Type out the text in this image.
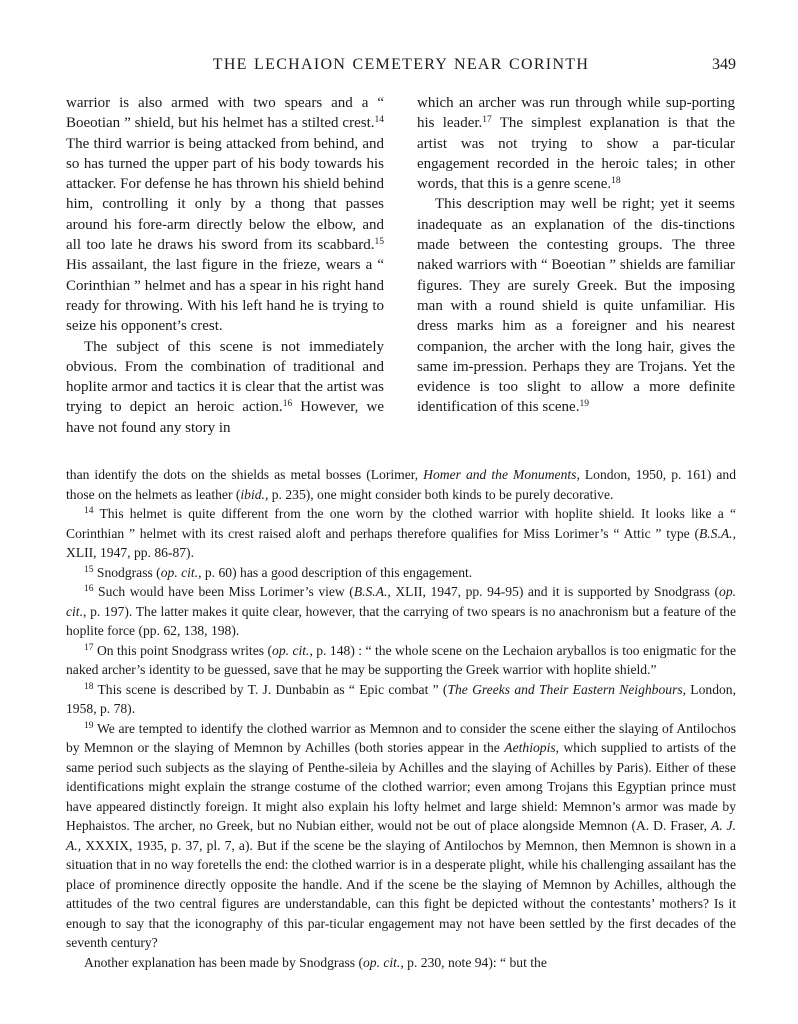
THE LECHAION CEMETERY NEAR CORINTH	349

warrior is also armed with two spears and a “ Boeotian ” shield, but his helmet has a stilted crest.$^{14}$ The third warrior is being attacked from behind, and so has turned the upper part of his body towards his attacker. For defense he has thrown his shield behind him, controlling it only by a thong that passes around his fore-arm directly below the elbow, and all too late he draws his sword from its scabbard.$^{15}$ His assailant, the last figure in the frieze, wears a “ Corinthian ” helmet and has a spear in his right hand ready for throwing. With his left hand he is trying to seize his opponent’s crest.

The subject of this scene is not immediately obvious. From the combination of traditional and hoplite armor and tactics it is clear that the artist was trying to depict an heroic action.$^{16}$ However, we have not found any story in

which an archer was run through while sup-porting his leader.$^{17}$ The simplest explanation is that the artist was not trying to show a par-ticular engagement recorded in the heroic tales; in other words, that this is a genre scene.$^{18}$

This description may well be right; yet it seems inadequate as an explanation of the dis-tinctions made between the contesting groups. The three naked warriors with “ Boeotian ” shields are familiar figures. They are surely Greek. But the imposing man with a round shield is quite unfamiliar. His dress marks him as a foreigner and his nearest companion, the archer with the long hair, gives the same im-pression. Perhaps they are Trojans. Yet the evidence is too slight to allow a more definite identification of this scene.$^{19}$

than identify the dots on the shields as metal bosses (Lorimer, Homer and the Monuments, London, 1950, p. 161) and those on the helmets as leather (ibid., p. 235), one might consider both kinds to be purely decorative.

$^{14}$ This helmet is quite different from the one worn by the clothed warrior with hoplite shield. It looks like a “ Corinthian ” helmet with its crest raised aloft and perhaps therefore qualifies for Miss Lorimer’s “ Attic ” type (B.S.A., XLII, 1947, pp. 86-87).

$^{15}$ Snodgrass (op. cit., p. 60) has a good description of this engagement.

$^{16}$ Such would have been Miss Lorimer’s view (B.S.A., XLII, 1947, pp. 94-95) and it is supported by Snodgrass (op. cit., p. 197). The latter makes it quite clear, however, that the carrying of two spears is no anachronism but a feature of the hoplite force (pp. 62, 138, 198).

$^{17}$ On this point Snodgrass writes (op. cit., p. 148) : “ the whole scene on the Lechaion aryballos is too enigmatic for the naked archer’s identity to be guessed, save that he may be supporting the Greek warrior with hoplite shield.”

$^{18}$ This scene is described by T. J. Dunbabin as “ Epic combat ” (The Greeks and Their Eastern Neighbours, London, 1958, p. 78).

$^{19}$ We are tempted to identify the clothed warrior as Memnon and to consider the scene either the slaying of Antilochos by Memnon or the slaying of Memnon by Achilles (both stories appear in the Aethiopis, which supplied to artists of the same period such subjects as the slaying of Penthe-sileia by Achilles and the slaying of Achilles by Paris). Either of these identifications might explain the strange costume of the clothed warrior; even among Trojans this Egyptian prince must have appeared distinctly foreign. It might also explain his lofty helmet and large shield: Memnon’s armor was made by Hephaistos. The archer, no Greek, but no Nubian either, would not be out of place alongside Memnon (A. D. Fraser, A. J. A., XXXIX, 1935, p. 37, pl. 7, a). But if the scene be the slaying of Antilochos by Memnon, then Memnon is shown in a situation that in no way foretells the end: the clothed warrior is in a desperate plight, while his challenging assailant has the place of prominence directly opposite the handle. And if the scene be the slaying of Memnon by Achilles, although the attitudes of the two central figures are understandable, can this fight be depicted without the contestants’ mothers? Is it enough to say that the iconography of this par-ticular engagement may not have been settled by the first decades of the seventh century?

Another explanation has been made by Snodgrass (op. cit., p. 230, note 94): “ but the
